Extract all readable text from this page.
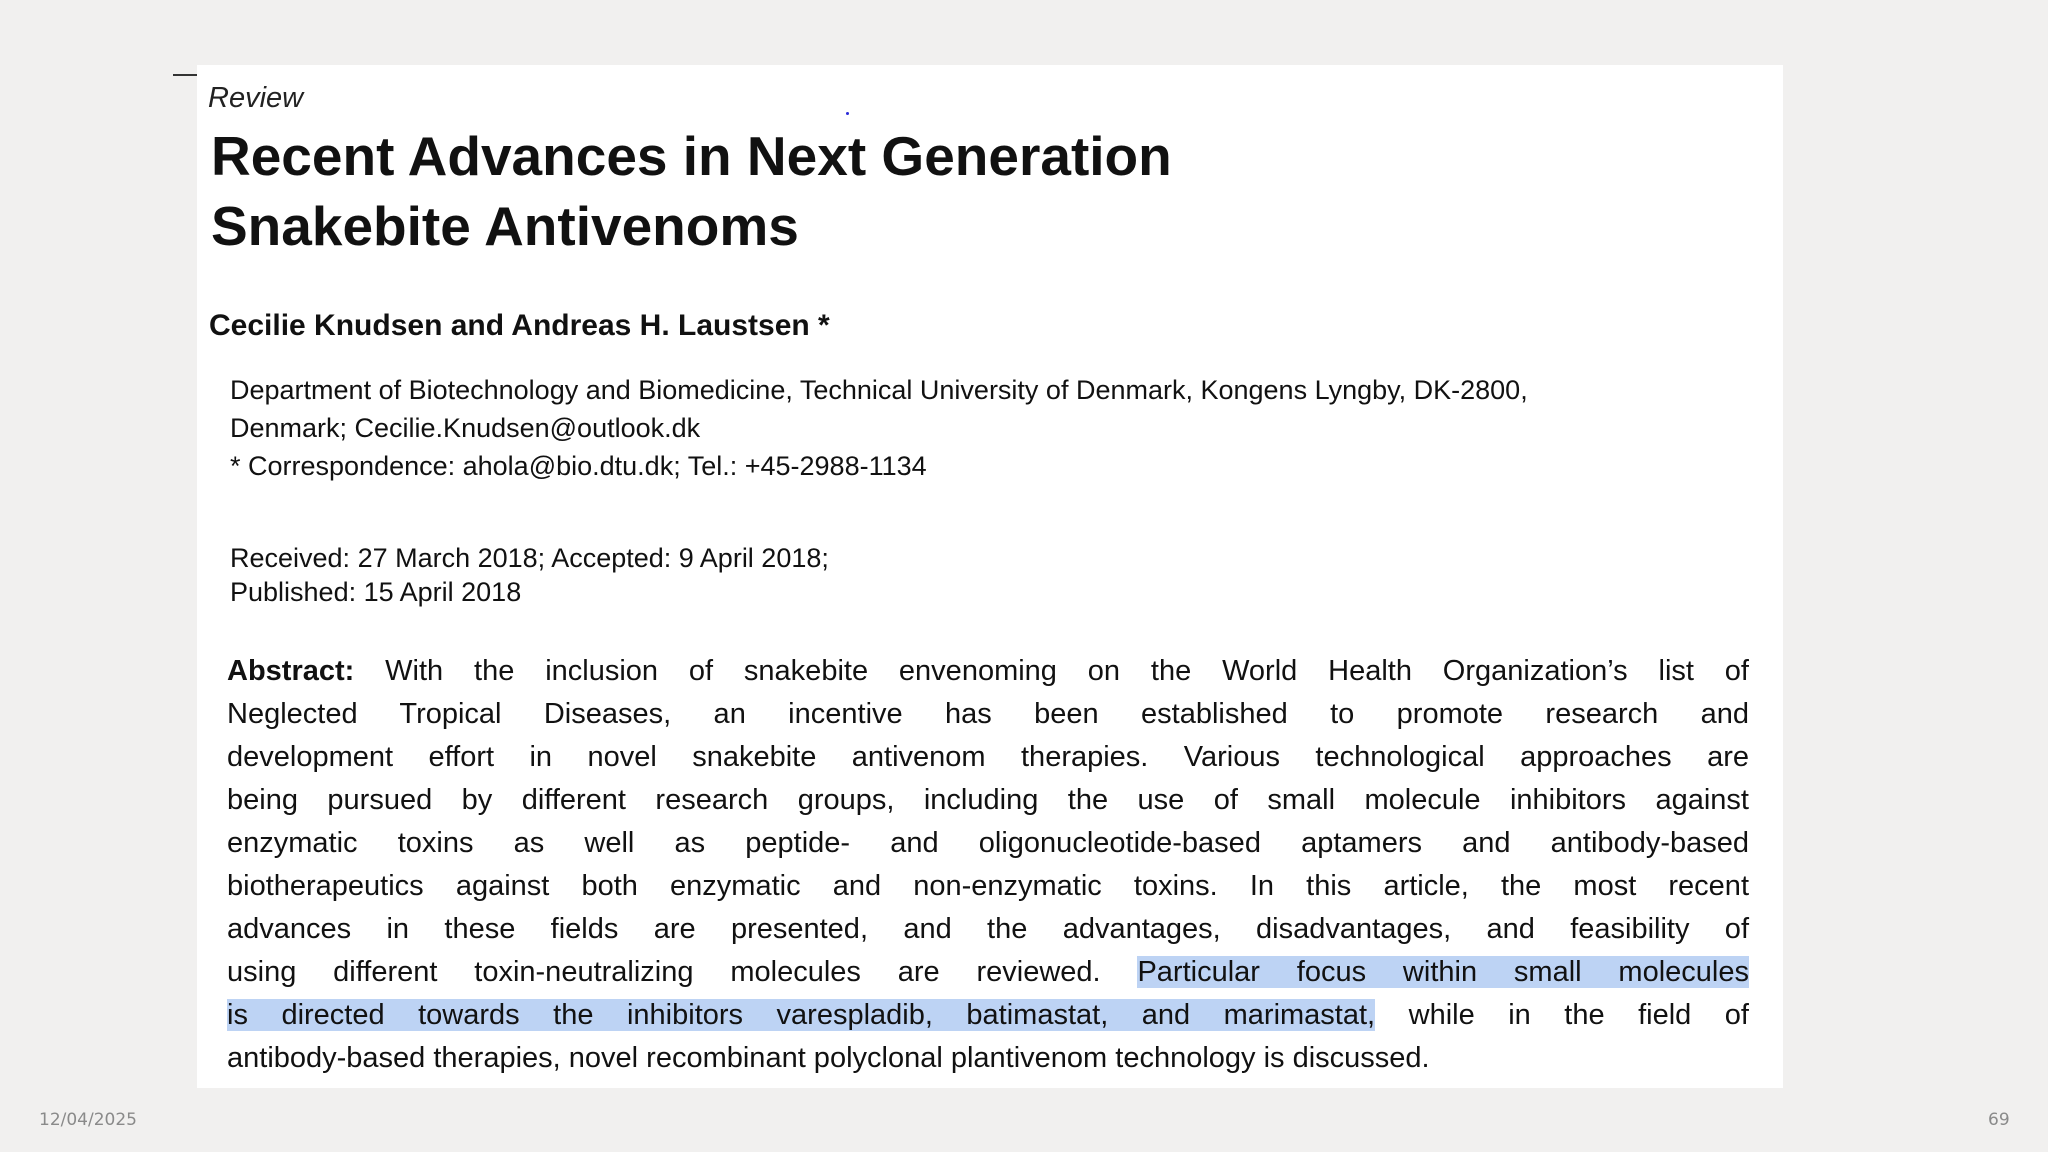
Review
Recent Advances in Next Generation
Snakebite Antivenoms
Cecilie Knudsen and Andreas H. Laustsen *
Department of Biotechnology and Biomedicine, Technical University of Denmark, Kongens Lyngby, DK-2800,
Denmark; Cecilie.Knudsen@outlook.dk
* Correspondence: ahola@bio.dtu.dk; Tel.: +45-2988-1134
Received: 27 March 2018; Accepted: 9 April 2018;
Published: 15 April 2018
Abstract: With the inclusion of snakebite envenoming on the World Health Organization’s list of
Neglected Tropical Diseases, an incentive has been established to promote research and
development effort in novel snakebite antivenom therapies. Various technological approaches are
being pursued by different research groups, including the use of small molecule inhibitors against
enzymatic toxins as well as peptide- and oligonucleotide-based aptamers and antibody-based
biotherapeutics against both enzymatic and non-enzymatic toxins. In this article, the most recent
advances in these fields are presented, and the advantages, disadvantages, and feasibility of
using different toxin-neutralizing molecules are reviewed. Particular focus within small molecules
is directed towards the inhibitors varespladib, batimastat, and marimastat, while in the field of
antibody-based therapies, novel recombinant polyclonal plantivenom technology is discussed.
12/04/2025	69
